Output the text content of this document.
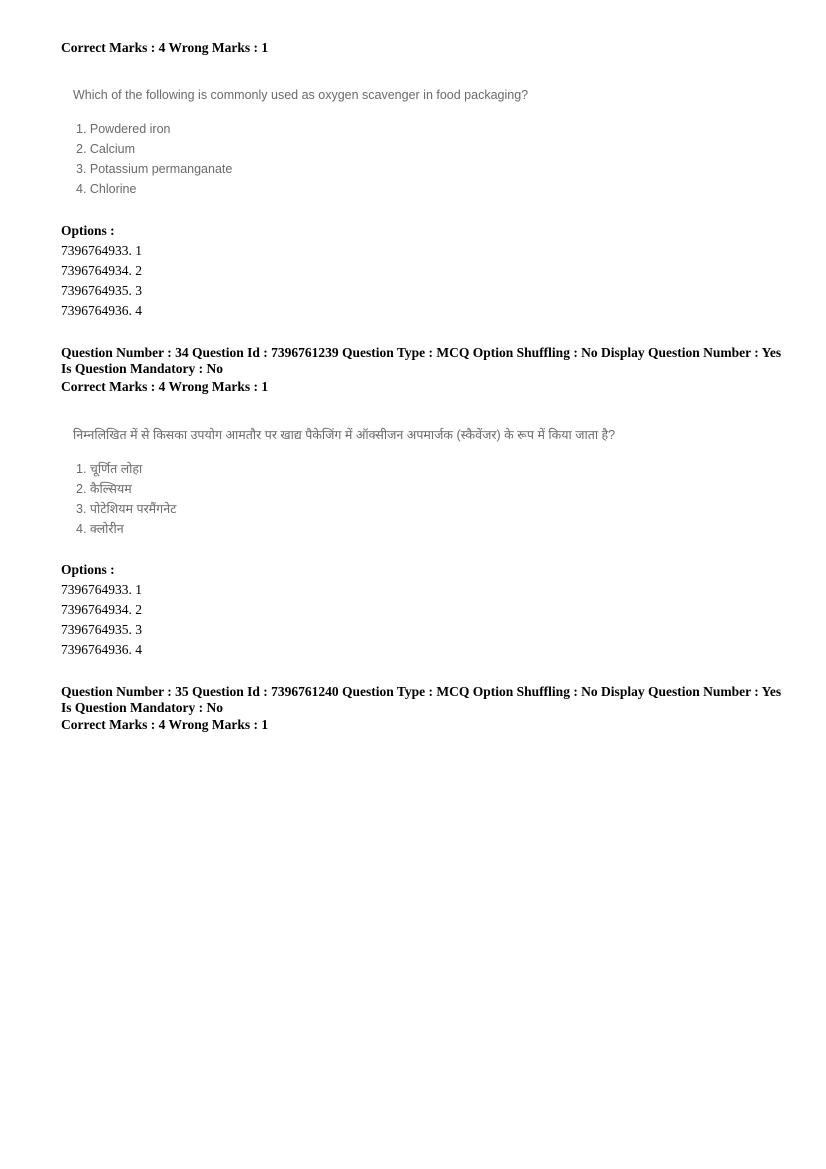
Correct Marks : 4 Wrong Marks : 1
Which of the following is commonly used as oxygen scavenger in food packaging?
1. Powdered iron
2. Calcium
3. Potassium permanganate
4. Chlorine
Options :
7396764933. 1
7396764934. 2
7396764935. 3
7396764936. 4
Question Number : 34 Question Id : 7396761239 Question Type : MCQ Option Shuffling : No Display Question Number : Yes
Is Question Mandatory : No
Correct Marks : 4 Wrong Marks : 1
निम्नलिखित में से किसका उपयोग आमतौर पर खाद्य पैकेजिंग में ऑक्सीजन अपमार्जक (स्कैवेंजर) के रूप में किया जाता है?
1. चूर्णित लोहा
2. कैल्सियम
3. पोटेशियम परमैंगनेट
4. क्लोरीन
Options :
7396764933. 1
7396764934. 2
7396764935. 3
7396764936. 4
Question Number : 35 Question Id : 7396761240 Question Type : MCQ Option Shuffling : No Display Question Number : Yes
Is Question Mandatory : No
Correct Marks : 4 Wrong Marks : 1
